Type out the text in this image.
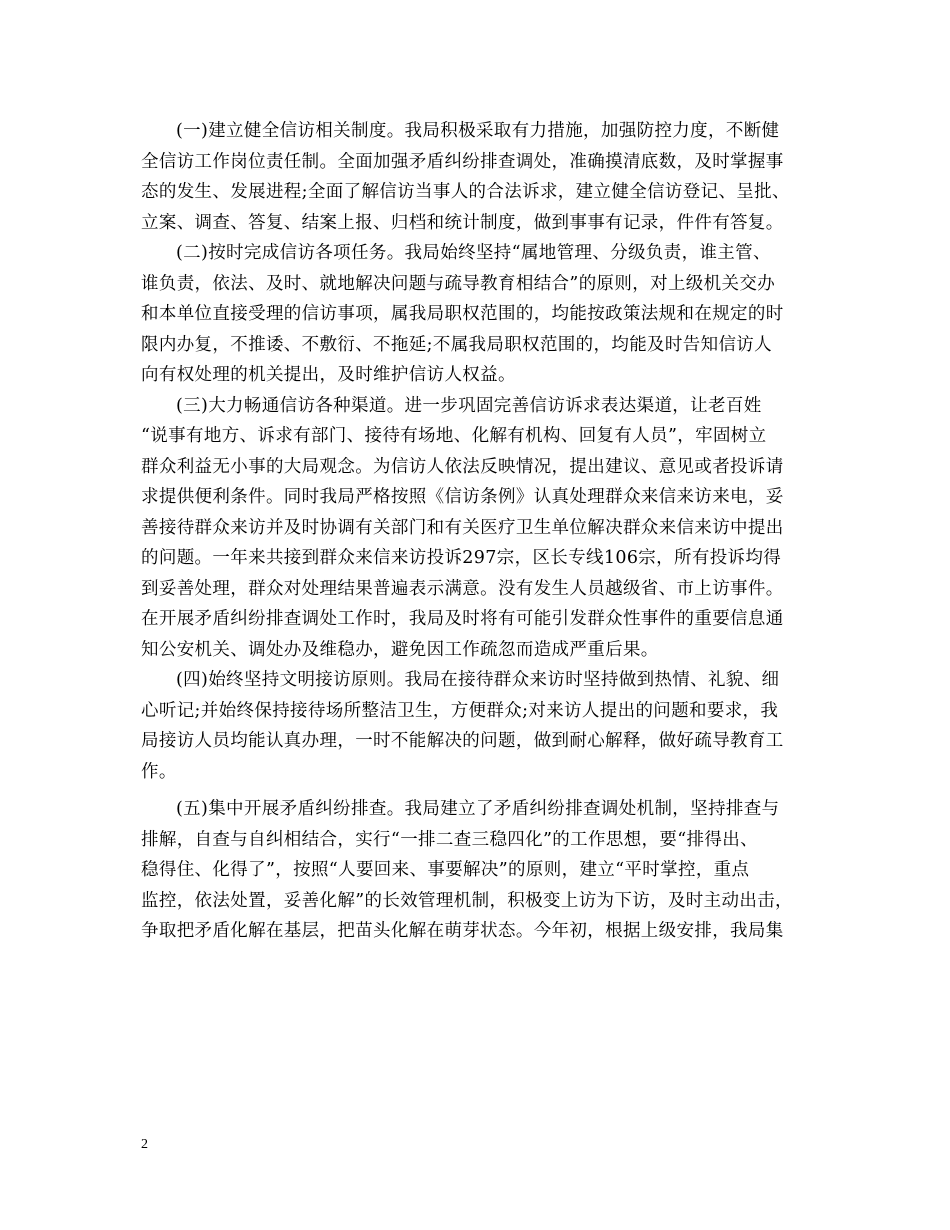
(一)建立健全信访相关制度。我局积极采取有力措施，加强防控力度，不断健
全信访工作岗位责任制。全面加强矛盾纠纷排查调处，准确摸清底数，及时掌握事
态的发生、发展进程;全面了解信访当事人的合法诉求，建立健全信访登记、呈批、
立案、调查、答复、结案上报、归档和统计制度，做到事事有记录，件件有答复。
(二)按时完成信访各项任务。我局始终坚持“属地管理、分级负责，谁主管、
谁负责，依法、及时、就地解决问题与疏导教育相结合”的原则，对上级机关交办
和本单位直接受理的信访事项，属我局职权范围的，均能按政策法规和在规定的时
限内办复，不推诿、不敷衍、不拖延;不属我局职权范围的，均能及时告知信访人
向有权处理的机关提出，及时维护信访人权益。
(三)大力畅通信访各种渠道。进一步巩固完善信访诉求表达渠道，让老百姓
“说事有地方、诉求有部门、接待有场地、化解有机构、回复有人员”，牢固树立
群众利益无小事的大局观念。为信访人依法反映情况，提出建议、意见或者投诉请
求提供便利条件。同时我局严格按照《信访条例》认真处理群众来信来访来电，妥
善接待群众来访并及时协调有关部门和有关医疗卫生单位解决群众来信来访中提出
的问题。一年来共接到群众来信来访投诉297宗，区长专线106宗，所有投诉均得
到妥善处理，群众对处理结果普遍表示满意。没有发生人员越级省、市上访事件。
在开展矛盾纠纷排查调处工作时，我局及时将有可能引发群众性事件的重要信息通
知公安机关、调处办及维稳办，避免因工作疏忽而造成严重后果。
(四)始终坚持文明接访原则。我局在接待群众来访时坚持做到热情、礼貌、细
心听记;并始终保持接待场所整洁卫生，方便群众;对来访人提出的问题和要求，我
局接访人员均能认真办理，一时不能解决的问题，做到耐心解释，做好疏导教育工
作。
(五)集中开展矛盾纠纷排查。我局建立了矛盾纠纷排查调处机制，坚持排查与
排解，自查与自纠相结合，实行“一排二查三稳四化”的工作思想，要“排得出、
稳得住、化得了”，按照“人要回来、事要解决”的原则，建立“平时掌控，重点
监控，依法处置，妥善化解”的长效管理机制，积极变上访为下访，及时主动出击，
争取把矛盾化解在基层，把苗头化解在萌芽状态。今年初，根据上级安排，我局集
2
